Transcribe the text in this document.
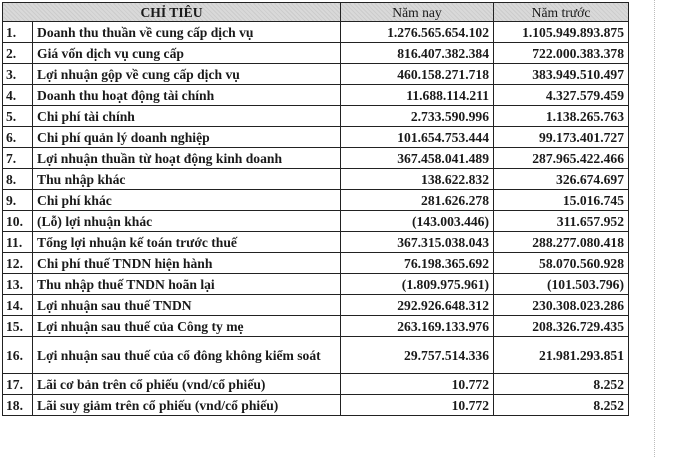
CHỈ TIÊU		Năm nay	Năm trước
1.	Doanh thu thuần về cung cấp dịch vụ	1.276.565.654.102	1.105.949.893.875
2.	Giá vốn dịch vụ cung cấp	816.407.382.384	722.000.383.378
3.	Lợi nhuận gộp về cung cấp dịch vụ	460.158.271.718	383.949.510.497
4.	Doanh thu hoạt động tài chính	11.688.114.211	4.327.579.459
5.	Chi phí tài chính	2.733.590.996	1.138.265.763
6.	Chi phí quản lý doanh nghiệp	101.654.753.444	99.173.401.727
7.	Lợi nhuận thuần từ hoạt động kinh doanh	367.458.041.489	287.965.422.466
8.	Thu nhập khác	138.622.832	326.674.697
9.	Chi phí khác	281.626.278	15.016.745
10.	(Lỗ) lợi nhuận khác	(143.003.446)	311.657.952
11.	Tổng lợi nhuận kế toán trước thuế	367.315.038.043	288.277.080.418
12.	Chi phí thuế TNDN hiện hành	76.198.365.692	58.070.560.928
13.	Thu nhập thuế TNDN hoãn lại	(1.809.975.961)	(101.503.796)
14.	Lợi nhuận sau thuế TNDN	292.926.648.312	230.308.023.286
15.	Lợi nhuận sau thuế của Công ty mẹ	263.169.133.976	208.326.729.435
16.	Lợi nhuận sau thuế của cổ đông không kiểm soát	29.757.514.336	21.981.293.851
17.	Lãi cơ bản trên cổ phiếu (vnd/cổ phiếu)	10.772	8.252
18.	Lãi suy giảm trên cổ phiếu (vnd/cổ phiếu)	10.772	8.252
